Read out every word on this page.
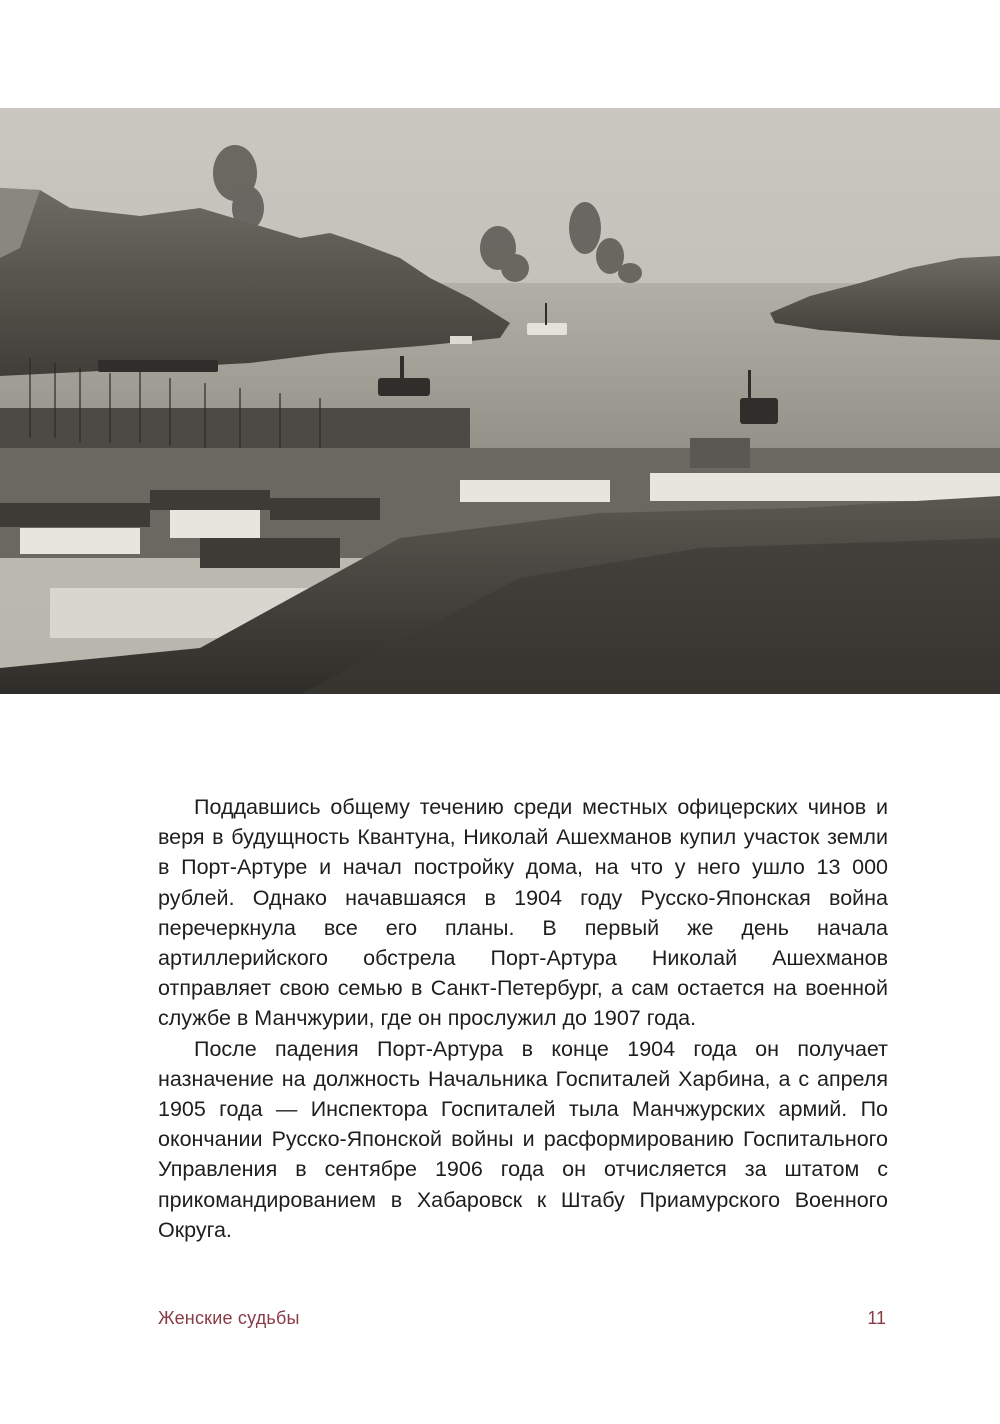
Поддавшись общему течению среди местных офицерских чинов и веря в будущность Квантуна, Николай Ашехманов купил участок земли в Порт-Артуре и начал постройку дома, на что у него ушло 13 000 рублей. Однако начавшаяся в 1904 году Русско-Японская война перечеркнула все его планы. В первый же день начала артиллерийского обстрела Порт-Артура Николай Ашехманов отправляет свою семью в Санкт-Петербург, а сам остается на военной службе в Манчжурии, где он прослужил до 1907 года.

После падения Порт-Артура в конце 1904 года он получает назначение на должность Начальника Госпиталей Харбина, а с апреля 1905 года — Инспектора Госпиталей тыла Манчжурских армий. По окончании Русско-Японской войны и расформированию Госпитального Управления в сентябре 1906 года он отчисляется за штатом с прикомандированием в Хабаровск к Штабу Приамурского Военного Округа.

Женские судьбы	11
